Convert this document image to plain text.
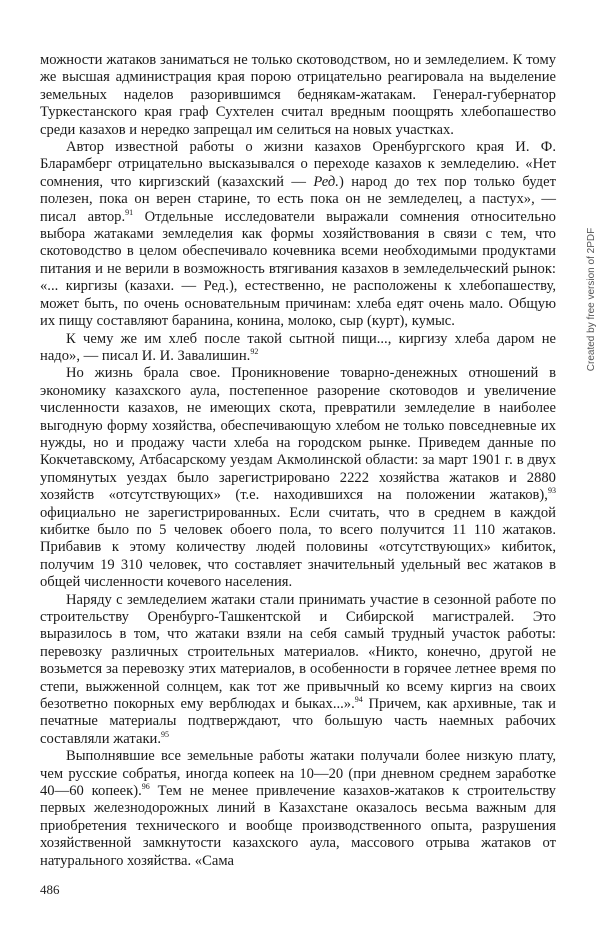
можности жатаков заниматься не только скотоводством, но и земледелием. К тому же высшая администрация края порою отрицательно реагировала на выделение земельных наделов разорившимся беднякам-жатакам. Генерал-губернатор Туркестанского края граф Сухтелен считал вредным поощрять хлебопашество среди казахов и нередко запрещал им селиться на новых участках.

Автор известной работы о жизни казахов Оренбургского края И. Ф. Бларамберг отрицательно высказывался о переходе казахов к земледелию. «Нет сомнения, что киргизский (казахский — Ред.) народ до тех пор только будет полезен, пока он верен старине, то есть пока он не земледелец, а пастух», — писал автор.$^{91}$ Отдельные исследователи выражали сомнения относительно выбора жатаками земледелия как формы хозяйствования в связи с тем, что скотоводство в целом обеспечивало кочевника всеми необходимыми продуктами питания и не верили в возможность втягивания казахов в земледельческий рынок: «... киргизы (казахи. — Ред.), естественно, не расположены к хлебопашеству, может быть, по очень основательным причинам: хлеба едят очень мало. Общую их пищу составляют баранина, конина, молоко, сыр (курт), кумыс.

К чему же им хлеб после такой сытной пищи..., киргизу хлеба даром не надо», — писал И. И. Завалишин.$^{92}$

Но жизнь брала свое. Проникновение товарно-денежных отношений в экономику казахского аула, постепенное разорение скотоводов и увеличение численности казахов, не имеющих скота, превратили земледелие в наиболее выгодную форму хозяйства, обеспечивающую хлебом не только повседневные их нужды, но и продажу части хлеба на городском рынке. Приведем данные по Кокчетавскому, Атбасарскому уездам Акмолинской области: за март 1901 г. в двух упомянутых уездах было зарегистрировано 2222 хозяйства жатаков и 2880 хозяйств «отсутствующих» (т.е. находившихся на положении жатаков),$^{93}$ официально не зарегистрированных. Если считать, что в среднем в каждой кибитке было по 5 человек обоего пола, то всего получится 11 110 жатаков. Прибавив к этому количеству людей половины «отсутствующих» кибиток, получим 19 310 человек, что составляет значительный удельный вес жатаков в общей численности кочевого населения.

Наряду с земледелием жатаки стали принимать участие в сезонной работе по строительству Оренбурго-Ташкентской и Сибирской магистралей. Это выразилось в том, что жатаки взяли на себя самый трудный участок работы: перевозку различных строительных материалов. «Никто, конечно, другой не возьмется за перевозку этих материалов, в особенности в горячее летнее время по степи, выжженной солнцем, как тот же привычный ко всему киргиз на своих безответно покорных ему верблюдах и быках...».$^{94}$ Причем, как архивные, так и печатные материалы подтверждают, что большую часть наемных рабочих составляли жатаки.$^{95}$

Выполнявшие все земельные работы жатаки получали более низкую плату, чем русские собратья, иногда копеек на 10—20 (при дневном среднем заработке 40—60 копеек).$^{96}$ Тем не менее привлечение казахов-жатаков к строительству первых железнодорожных линий в Казахстане оказалось весьма важным для приобретения технического и вообще производственного опыта, разрушения хозяйственной замкнутости казахского аула, массового отрыва жатаков от натурального хозяйства. «Сама

486
Created by free version of 2PDF
